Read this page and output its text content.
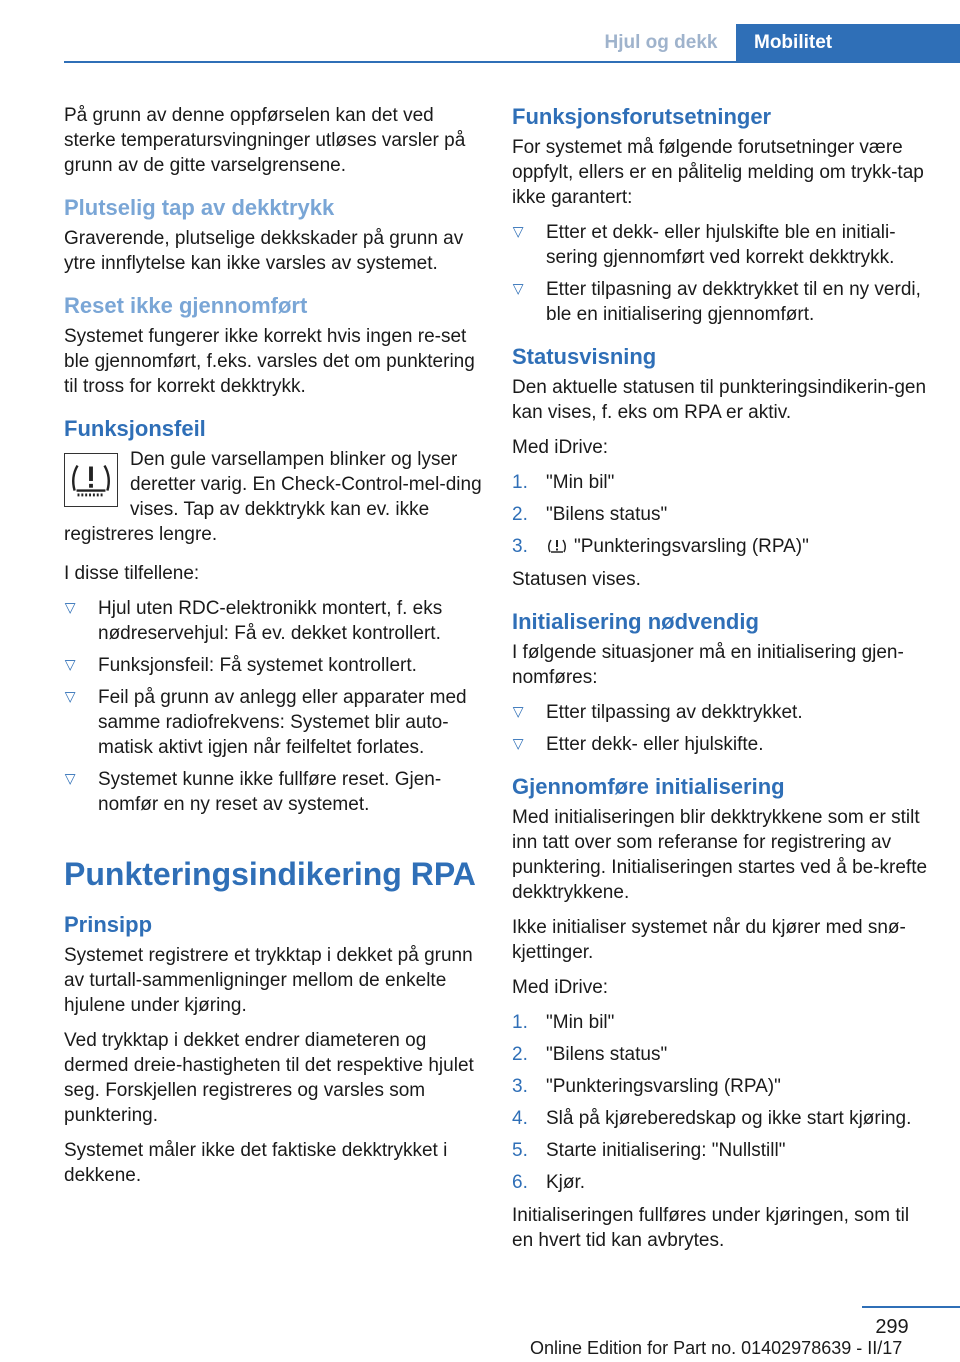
Hjul og dekk	Mobilitet

På grunn av denne oppførselen kan det ved sterke temperatursvingninger utløses varsler på grunn av de gitte varselgrensene.

Plutselig tap av dekktrykk

Graverende, plutselige dekkskader på grunn av ytre innflytelse kan ikke varsles av systemet.

Reset ikke gjennomført

Systemet fungerer ikke korrekt hvis ingen re‐set ble gjennomført, f.eks. varsles det om punktering til tross for korrekt dekktrykk.

Funksjonsfeil

Den gule varsellampen blinker og lyser deretter varig. En Check-Control-mel‐ding vises. Tap av dekktrykk kan ev. ikke registreres lengre.

I disse tilfellene:

▷ Hjul uten RDC-elektronikk montert, f. eks nødreservehjul: Få ev. dekket kontrollert.
▷ Funksjonsfeil: Få systemet kontrollert.
▷ Feil på grunn av anlegg eller apparater med samme radiofrekvens: Systemet blir auto‐matisk aktivt igjen når feilfeltet forlates.
▷ Systemet kunne ikke fullføre reset. Gjen‐nomfør en ny reset av systemet.
Punkteringsindikering RPA
Prinsipp

Systemet registrere et trykktap i dekket på grunn av turtall-sammenligninger mellom de enkelte hjulene under kjøring.

Ved trykktap i dekket endrer diameteren og dermed dreie-hastigheten til det respektive hjulet seg. Forskjellen registreres og varsles som punktering.

Systemet måler ikke det faktiske dekktrykket i dekkene.

Funksjonsforutsetninger

For systemet må følgende forutsetninger være oppfylt, ellers er en pålitelig melding om trykk‐tap ikke garantert:

▷ Etter et dekk- eller hjulskifte ble en initiali‐sering gjennomført ved korrekt dekktrykk.
▷ Etter tilpasning av dekktrykket til en ny verdi, ble en initialisering gjennomført.
Statusvisning

Den aktuelle statusen til punkteringsindikerin‐gen kan vises, f. eks om RPA er aktiv.

Med iDrive:

1. "Min bil"
2. "Bilens status"
3. "Punkteringsvarsling (RPA)"

Statusen vises.

Initialisering nødvendig

I følgende situasjoner må en initialisering gjen‐nomføres:

▷ Etter tilpassing av dekktrykket.
▷ Etter dekk- eller hjulskifte.
Gjennomføre initialisering

Med initialiseringen blir dekktrykkene som er stilt inn tatt over som referanse for registrering av punktering. Initialiseringen startes ved å be‐krefte dekktrykkene.

Ikke initialiser systemet når du kjører med snø‐kjettinger.

Med iDrive:

1. "Min bil"
2. "Bilens status"
3. "Punkteringsvarsling (RPA)"
4. Slå på kjøreberedskap og ikke start kjøring.
5. Starte initialisering: "Nullstill"
6. Kjør.

Initialiseringen fullføres under kjøringen, som til en hvert tid kan avbrytes.

299
Online Edition for Part no. 01402978639 - II/17
